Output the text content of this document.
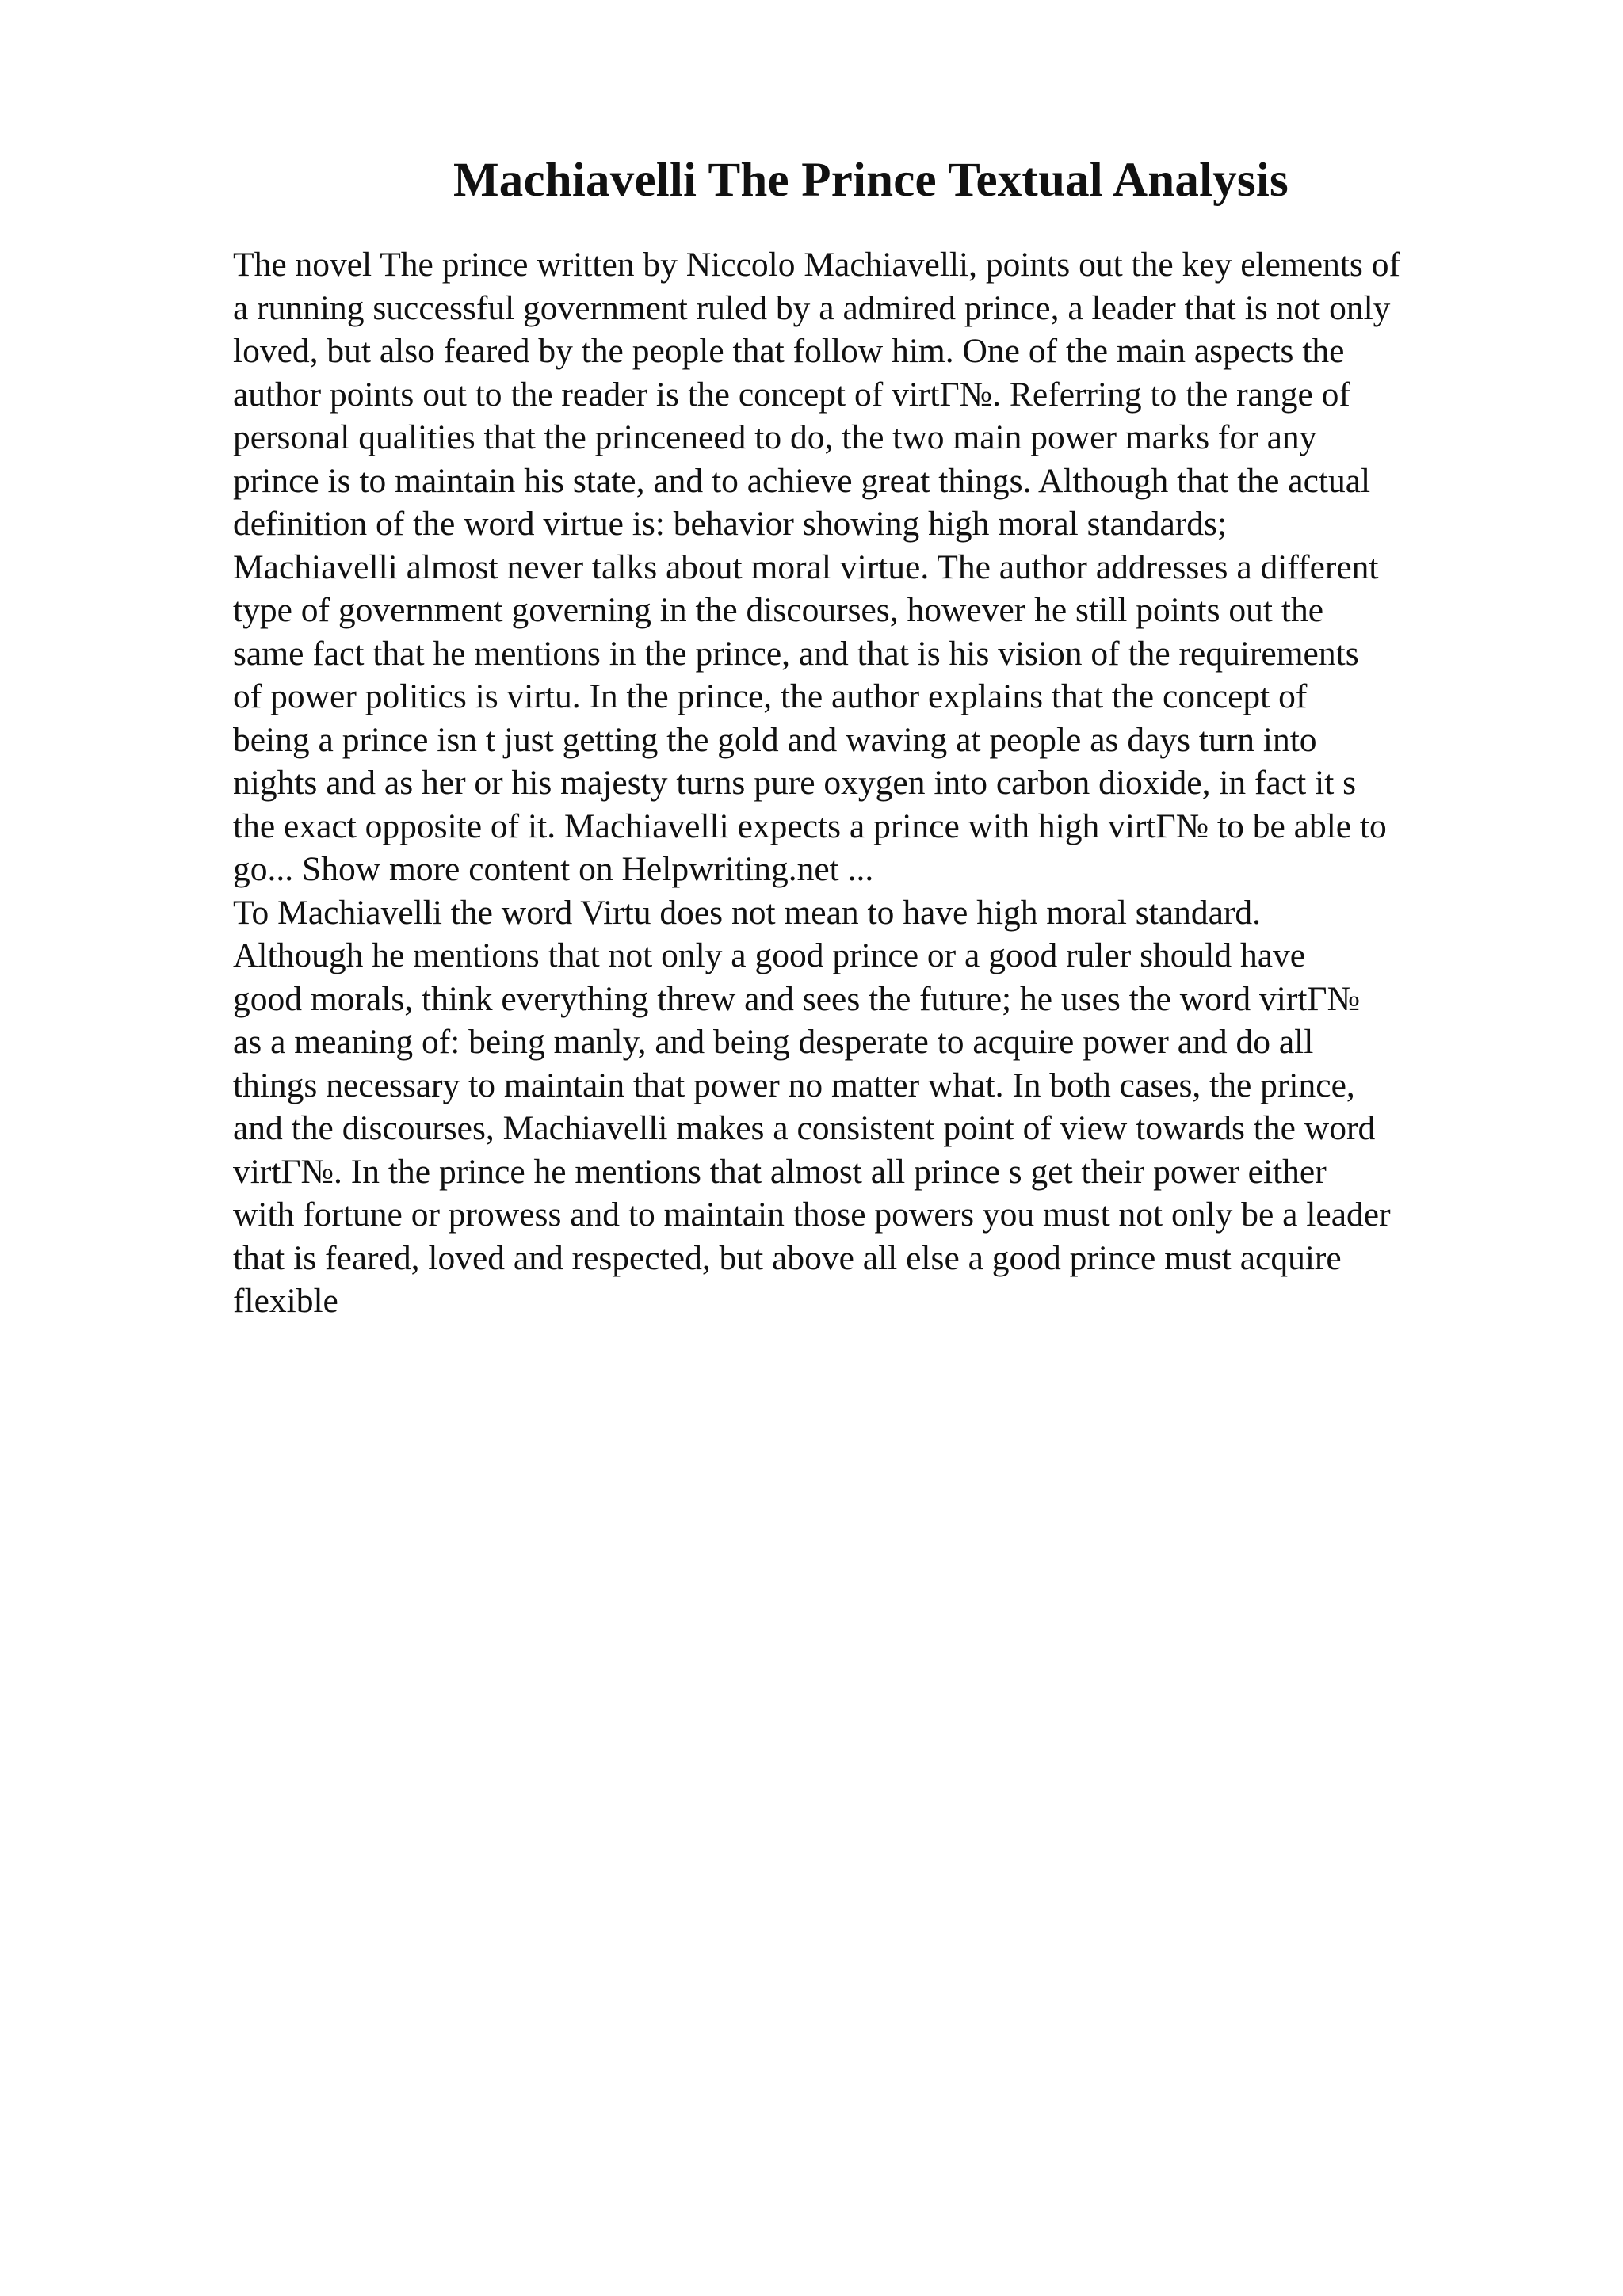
Machiavelli The Prince Textual Analysis
The novel The prince written by Niccolo Machiavelli, points out the key elements of
a running successful government ruled by a admired prince, a leader that is not only
loved, but also feared by the people that follow him. One of the main aspects the
author points out to the reader is the concept of virtΓ№. Referring to the range of
personal qualities that the princeneed to do, the two main power marks for any
prince is to maintain his state, and to achieve great things. Although that the actual
definition of the word virtue is: behavior showing high moral standards;
Machiavelli almost never talks about moral virtue. The author addresses a different
type of government governing in the discourses, however he still points out the
same fact that he mentions in the prince, and that is his vision of the requirements
of power politics is virtu. In the prince, the author explains that the concept of
being a prince isn t just getting the gold and waving at people as days turn into
nights and as her or his majesty turns pure oxygen into carbon dioxide, in fact it s
the exact opposite of it. Machiavelli expects a prince with high virtΓ№ to be able to
go... Show more content on Helpwriting.net ...
To Machiavelli the word Virtu does not mean to have high moral standard.
Although he mentions that not only a good prince or a good ruler should have
good morals, think everything threw and sees the future; he uses the word virtΓ№
as a meaning of: being manly, and being desperate to acquire power and do all
things necessary to maintain that power no matter what. In both cases, the prince,
and the discourses, Machiavelli makes a consistent point of view towards the word
virtΓ№. In the prince he mentions that almost all prince s get their power either
with fortune or prowess and to maintain those powers you must not only be a leader
that is feared, loved and respected, but above all else a good prince must acquire
flexible
